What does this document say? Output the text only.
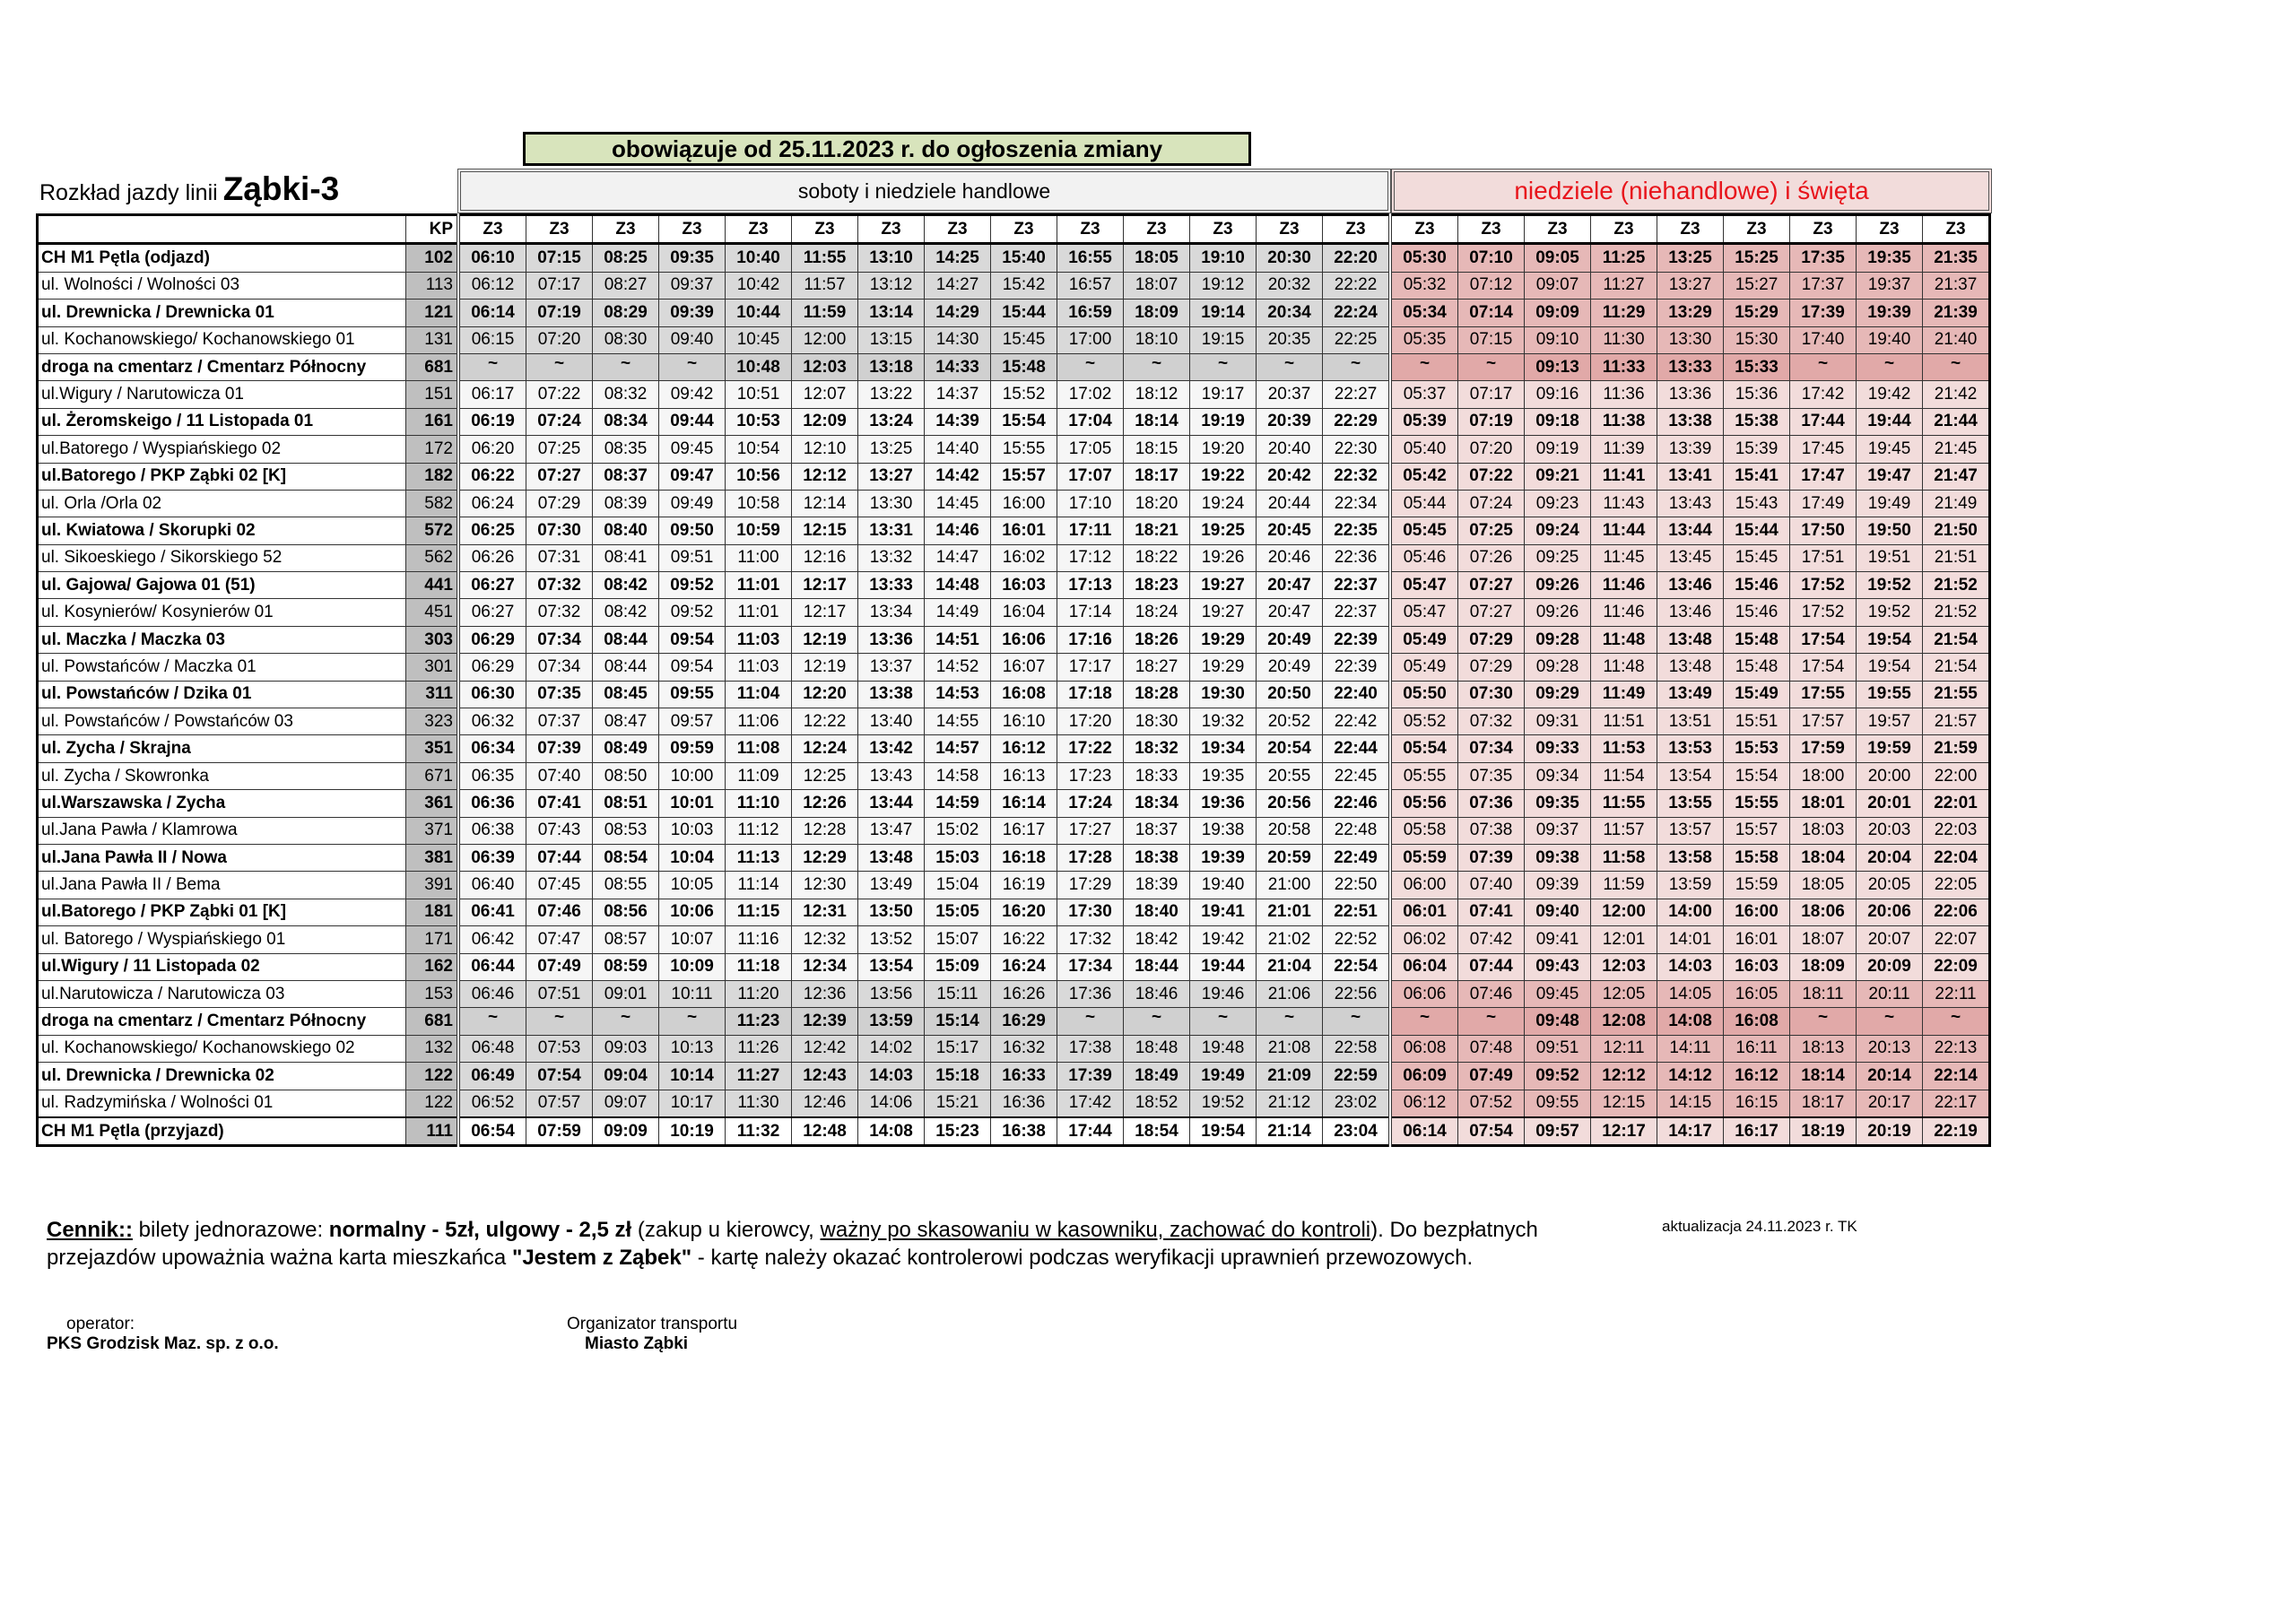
obowiązuje od 25.11.2023 r. do ogłoszenia zmiany
Rozkład jazdy linii Ząbki-3	soboty i niedziele handlowe	niedziele (niehandlowe) i święta
	KP	Z3	Z3	Z3	Z3	Z3	Z3	Z3	Z3	Z3	Z3	Z3	Z3	Z3	Z3	Z3	Z3	Z3	Z3	Z3	Z3	Z3	Z3	Z3
CH M1 Pętla (odjazd)	102	06:10	07:15	08:25	09:35	10:40	11:55	13:10	14:25	15:40	16:55	18:05	19:10	20:30	22:20	05:30	07:10	09:05	11:25	13:25	15:25	17:35	19:35	21:35
ul. Wolności / Wolności 03	113	06:12	07:17	08:27	09:37	10:42	11:57	13:12	14:27	15:42	16:57	18:07	19:12	20:32	22:22	05:32	07:12	09:07	11:27	13:27	15:27	17:37	19:37	21:37
ul. Drewnicka / Drewnicka 01	121	06:14	07:19	08:29	09:39	10:44	11:59	13:14	14:29	15:44	16:59	18:09	19:14	20:34	22:24	05:34	07:14	09:09	11:29	13:29	15:29	17:39	19:39	21:39
ul. Kochanowskiego/ Kochanowskiego 01	131	06:15	07:20	08:30	09:40	10:45	12:00	13:15	14:30	15:45	17:00	18:10	19:15	20:35	22:25	05:35	07:15	09:10	11:30	13:30	15:30	17:40	19:40	21:40
droga na cmentarz / Cmentarz Północny	681	~	~	~	~	10:48	12:03	13:18	14:33	15:48	~	~	~	~	~	~	~	09:13	11:33	13:33	15:33	~	~	~
ul.Wigury / Narutowicza 01	151	06:17	07:22	08:32	09:42	10:51	12:07	13:22	14:37	15:52	17:02	18:12	19:17	20:37	22:27	05:37	07:17	09:16	11:36	13:36	15:36	17:42	19:42	21:42
ul. Żeromskeigo / 11 Listopada 01	161	06:19	07:24	08:34	09:44	10:53	12:09	13:24	14:39	15:54	17:04	18:14	19:19	20:39	22:29	05:39	07:19	09:18	11:38	13:38	15:38	17:44	19:44	21:44
ul.Batorego / Wyspiańskiego 02	172	06:20	07:25	08:35	09:45	10:54	12:10	13:25	14:40	15:55	17:05	18:15	19:20	20:40	22:30	05:40	07:20	09:19	11:39	13:39	15:39	17:45	19:45	21:45
ul.Batorego / PKP Ząbki 02 [K]	182	06:22	07:27	08:37	09:47	10:56	12:12	13:27	14:42	15:57	17:07	18:17	19:22	20:42	22:32	05:42	07:22	09:21	11:41	13:41	15:41	17:47	19:47	21:47
ul. Orla /Orla 02	582	06:24	07:29	08:39	09:49	10:58	12:14	13:30	14:45	16:00	17:10	18:20	19:24	20:44	22:34	05:44	07:24	09:23	11:43	13:43	15:43	17:49	19:49	21:49
ul. Kwiatowa / Skorupki 02	572	06:25	07:30	08:40	09:50	10:59	12:15	13:31	14:46	16:01	17:11	18:21	19:25	20:45	22:35	05:45	07:25	09:24	11:44	13:44	15:44	17:50	19:50	21:50
ul. Sikoeskiego / Sikorskiego 52	562	06:26	07:31	08:41	09:51	11:00	12:16	13:32	14:47	16:02	17:12	18:22	19:26	20:46	22:36	05:46	07:26	09:25	11:45	13:45	15:45	17:51	19:51	21:51
ul. Gajowa/ Gajowa 01 (51)	441	06:27	07:32	08:42	09:52	11:01	12:17	13:33	14:48	16:03	17:13	18:23	19:27	20:47	22:37	05:47	07:27	09:26	11:46	13:46	15:46	17:52	19:52	21:52
ul. Kosynierów/ Kosynierów 01	451	06:27	07:32	08:42	09:52	11:01	12:17	13:34	14:49	16:04	17:14	18:24	19:27	20:47	22:37	05:47	07:27	09:26	11:46	13:46	15:46	17:52	19:52	21:52
ul. Maczka / Maczka 03	303	06:29	07:34	08:44	09:54	11:03	12:19	13:36	14:51	16:06	17:16	18:26	19:29	20:49	22:39	05:49	07:29	09:28	11:48	13:48	15:48	17:54	19:54	21:54
ul. Powstańców / Maczka 01	301	06:29	07:34	08:44	09:54	11:03	12:19	13:37	14:52	16:07	17:17	18:27	19:29	20:49	22:39	05:49	07:29	09:28	11:48	13:48	15:48	17:54	19:54	21:54
ul. Powstańców / Dzika 01	311	06:30	07:35	08:45	09:55	11:04	12:20	13:38	14:53	16:08	17:18	18:28	19:30	20:50	22:40	05:50	07:30	09:29	11:49	13:49	15:49	17:55	19:55	21:55
ul. Powstańców / Powstańców 03	323	06:32	07:37	08:47	09:57	11:06	12:22	13:40	14:55	16:10	17:20	18:30	19:32	20:52	22:42	05:52	07:32	09:31	11:51	13:51	15:51	17:57	19:57	21:57
ul. Zycha / Skrajna	351	06:34	07:39	08:49	09:59	11:08	12:24	13:42	14:57	16:12	17:22	18:32	19:34	20:54	22:44	05:54	07:34	09:33	11:53	13:53	15:53	17:59	19:59	21:59
ul. Zycha / Skowronka	671	06:35	07:40	08:50	10:00	11:09	12:25	13:43	14:58	16:13	17:23	18:33	19:35	20:55	22:45	05:55	07:35	09:34	11:54	13:54	15:54	18:00	20:00	22:00
ul.Warszawska / Zycha	361	06:36	07:41	08:51	10:01	11:10	12:26	13:44	14:59	16:14	17:24	18:34	19:36	20:56	22:46	05:56	07:36	09:35	11:55	13:55	15:55	18:01	20:01	22:01
ul.Jana Pawła / Klamrowa	371	06:38	07:43	08:53	10:03	11:12	12:28	13:47	15:02	16:17	17:27	18:37	19:38	20:58	22:48	05:58	07:38	09:37	11:57	13:57	15:57	18:03	20:03	22:03
ul.Jana Pawła II / Nowa	381	06:39	07:44	08:54	10:04	11:13	12:29	13:48	15:03	16:18	17:28	18:38	19:39	20:59	22:49	05:59	07:39	09:38	11:58	13:58	15:58	18:04	20:04	22:04
ul.Jana Pawła II / Bema	391	06:40	07:45	08:55	10:05	11:14	12:30	13:49	15:04	16:19	17:29	18:39	19:40	21:00	22:50	06:00	07:40	09:39	11:59	13:59	15:59	18:05	20:05	22:05
ul.Batorego / PKP Ząbki 01 [K]	181	06:41	07:46	08:56	10:06	11:15	12:31	13:50	15:05	16:20	17:30	18:40	19:41	21:01	22:51	06:01	07:41	09:40	12:00	14:00	16:00	18:06	20:06	22:06
ul. Batorego / Wyspiańskiego 01	171	06:42	07:47	08:57	10:07	11:16	12:32	13:52	15:07	16:22	17:32	18:42	19:42	21:02	22:52	06:02	07:42	09:41	12:01	14:01	16:01	18:07	20:07	22:07
ul.Wigury / 11 Listopada 02	162	06:44	07:49	08:59	10:09	11:18	12:34	13:54	15:09	16:24	17:34	18:44	19:44	21:04	22:54	06:04	07:44	09:43	12:03	14:03	16:03	18:09	20:09	22:09
ul.Narutowicza / Narutowicza 03	153	06:46	07:51	09:01	10:11	11:20	12:36	13:56	15:11	16:26	17:36	18:46	19:46	21:06	22:56	06:06	07:46	09:45	12:05	14:05	16:05	18:11	20:11	22:11
droga na cmentarz / Cmentarz Północny	681	~	~	~	~	11:23	12:39	13:59	15:14	16:29	~	~	~	~	~	~	~	09:48	12:08	14:08	16:08	~	~	~
ul. Kochanowskiego/ Kochanowskiego 02	132	06:48	07:53	09:03	10:13	11:26	12:42	14:02	15:17	16:32	17:38	18:48	19:48	21:08	22:58	06:08	07:48	09:51	12:11	14:11	16:11	18:13	20:13	22:13
ul. Drewnicka / Drewnicka 02	122	06:49	07:54	09:04	10:14	11:27	12:43	14:03	15:18	16:33	17:39	18:49	19:49	21:09	22:59	06:09	07:49	09:52	12:12	14:12	16:12	18:14	20:14	22:14
ul. Radzymińska / Wolności 01	122	06:52	07:57	09:07	10:17	11:30	12:46	14:06	15:21	16:36	17:42	18:52	19:52	21:12	23:02	06:12	07:52	09:55	12:15	14:15	16:15	18:17	20:17	22:17
CH M1 Pętla (przyjazd)	111	06:54	07:59	09:09	10:19	11:32	12:48	14:08	15:23	16:38	17:44	18:54	19:54	21:14	23:04	06:14	07:54	09:57	12:17	14:17	16:17	18:19	20:19	22:19
Cennik:: bilety jednorazowe: normalny - 5zł, ulgowy - 2,5 zł (zakup u kierowcy, ważny po skasowaniu w kasowniku, zachować do kontroli). Do bezpłatnych przejazdów upoważnia ważna karta mieszkańca "Jestem z Ząbek" - kartę należy okazać kontrolerowi podczas weryfikacji uprawnień przewozowych.
aktualizacja 24.11.2023 r. TK
operator:
PKS Grodzisk Maz. sp. z o.o.
Organizator transportu
Miasto Ząbki
